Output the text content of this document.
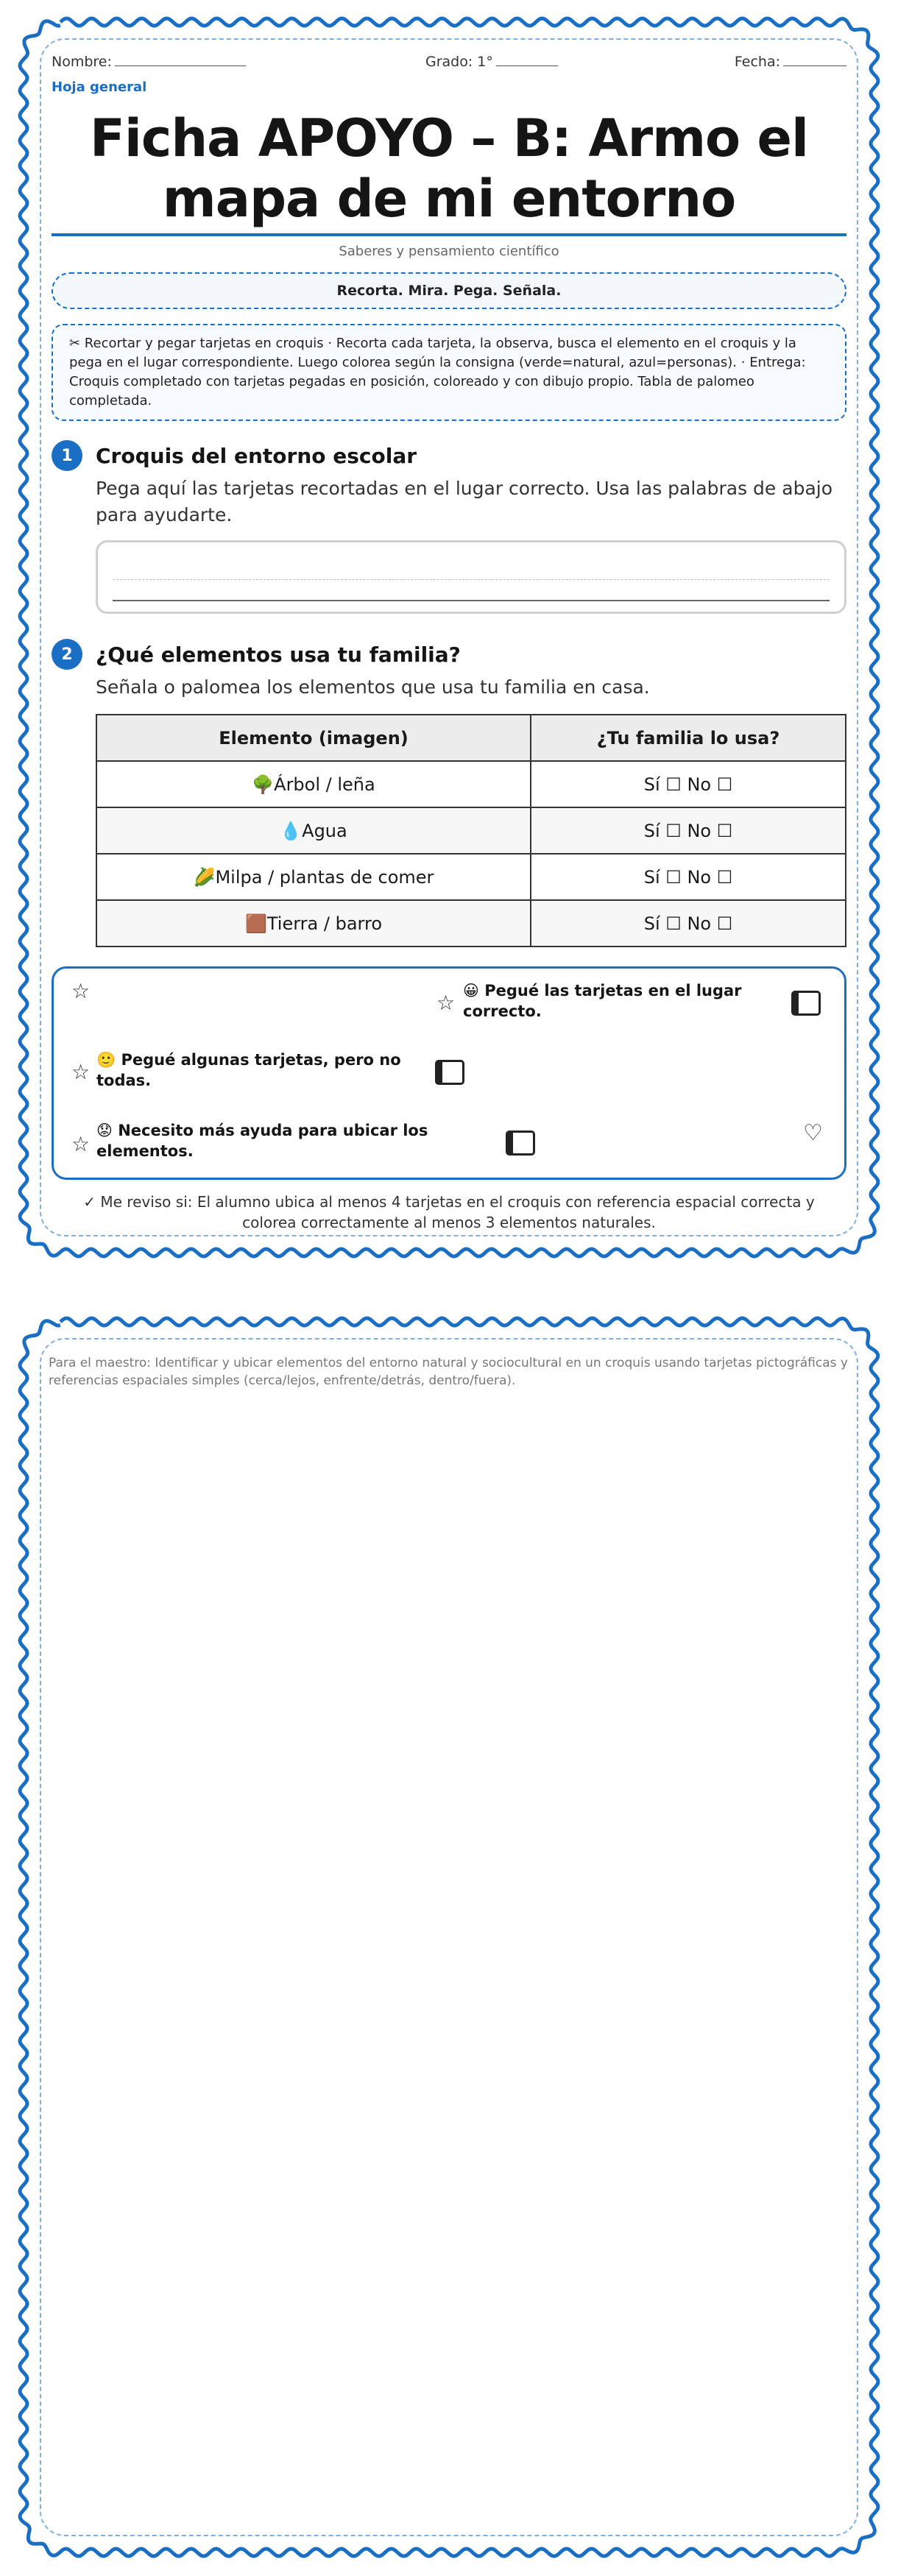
Nombre:	Grado: 1°	Fecha:
Hoja general
Ficha APOYO – B: Armo el
mapa de mi entorno
Saberes y pensamiento científico
Recorta. Mira. Pega. Señala.
✂ Recortar y pegar tarjetas en croquis · Recorta cada tarjeta, la observa, busca el elemento en el croquis y la pega en el lugar correspondiente. Luego colorea según la consigna (verde=natural, azul=personas). · Entrega: Croquis completado con tarjetas pegadas en posición, coloreado y con dibujo propio. Tabla de palomeo completada.
1	Croquis del entorno escolar
Pega aquí las tarjetas recortadas en el lugar correcto. Usa las palabras de abajo para ayudarte.
2	¿Qué elementos usa tu familia?
Señala o palomea los elementos que usa tu familia en casa.
Elemento (imagen)	¿Tu familia lo usa?
🌳Árbol / leña	Sí ☐ No ☐
💧Agua	Sí ☐ No ☐
🌽Milpa / plantas de comer	Sí ☐ No ☐
🟫Tierra / barro	Sí ☐ No ☐
☆	☆ 😀 Pegué las tarjetas en el lugar correcto.
☆ 🙂 Pegué algunas tarjetas, pero no todas.
☆
😟 Necesito más ayuda para ubicar los elementos.
♡
✓ Me reviso si: El alumno ubica al menos 4 tarjetas en el croquis con referencia espacial correcta y colorea correctamente al menos 3 elementos naturales.
Para el maestro: Identificar y ubicar elementos del entorno natural y sociocultural en un croquis usando tarjetas pictográficas y referencias espaciales simples (cerca/lejos, enfrente/detrás, dentro/fuera).
